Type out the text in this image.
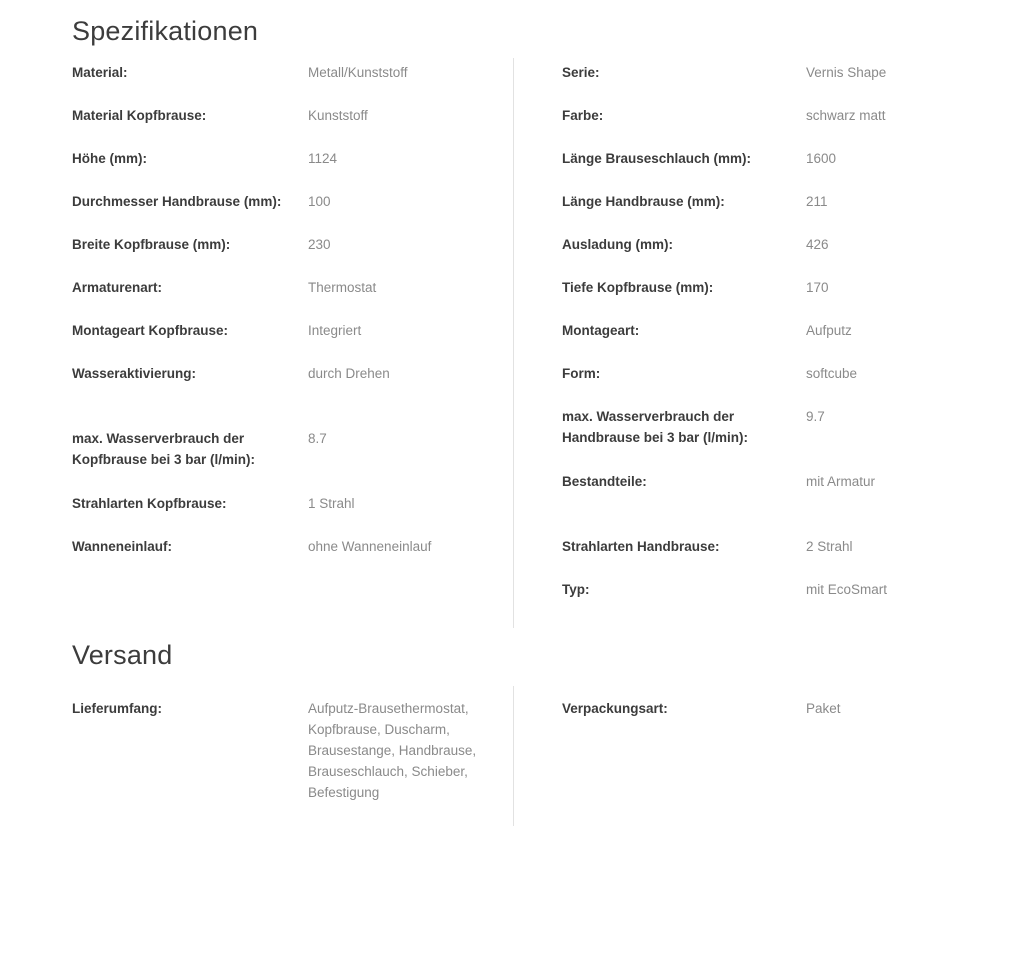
Spezifikationen
Material:	Metall/Kunststoff
Material Kopfbrause:	Kunststoff
Höhe (mm):	1124
Durchmesser Handbrause (mm):	100
Breite Kopfbrause (mm):	230
Armaturenart:	Thermostat
Montageart Kopfbrause:	Integriert
Wasseraktivierung:	durch Drehen
max. Wasserverbrauch der Kopfbrause bei 3 bar (l/min):
8.7
Strahlarten Kopfbrause:	1 Strahl
Wanneneinlauf:	ohne Wanneneinlauf
Serie:	Vernis Shape
Farbe:	schwarz matt
Länge Brauseschlauch (mm):	1600
Länge Handbrause (mm):	211
Ausladung (mm):	426
Tiefe Kopfbrause (mm):	170
Montageart:	Aufputz
Form:	softcube
max. Wasserverbrauch der Handbrause bei 3 bar (l/min):
9.7
Bestandteile:	mit Armatur
Strahlarten Handbrause:	2 Strahl
Typ:	mit EcoSmart
Versand
Lieferumfang:	Aufputz-Brausethermostat, Kopfbrause, Duscharm, Brausestange, Handbrause, Brauseschlauch, Schieber, Befestigung
Verpackungsart:	Paket
